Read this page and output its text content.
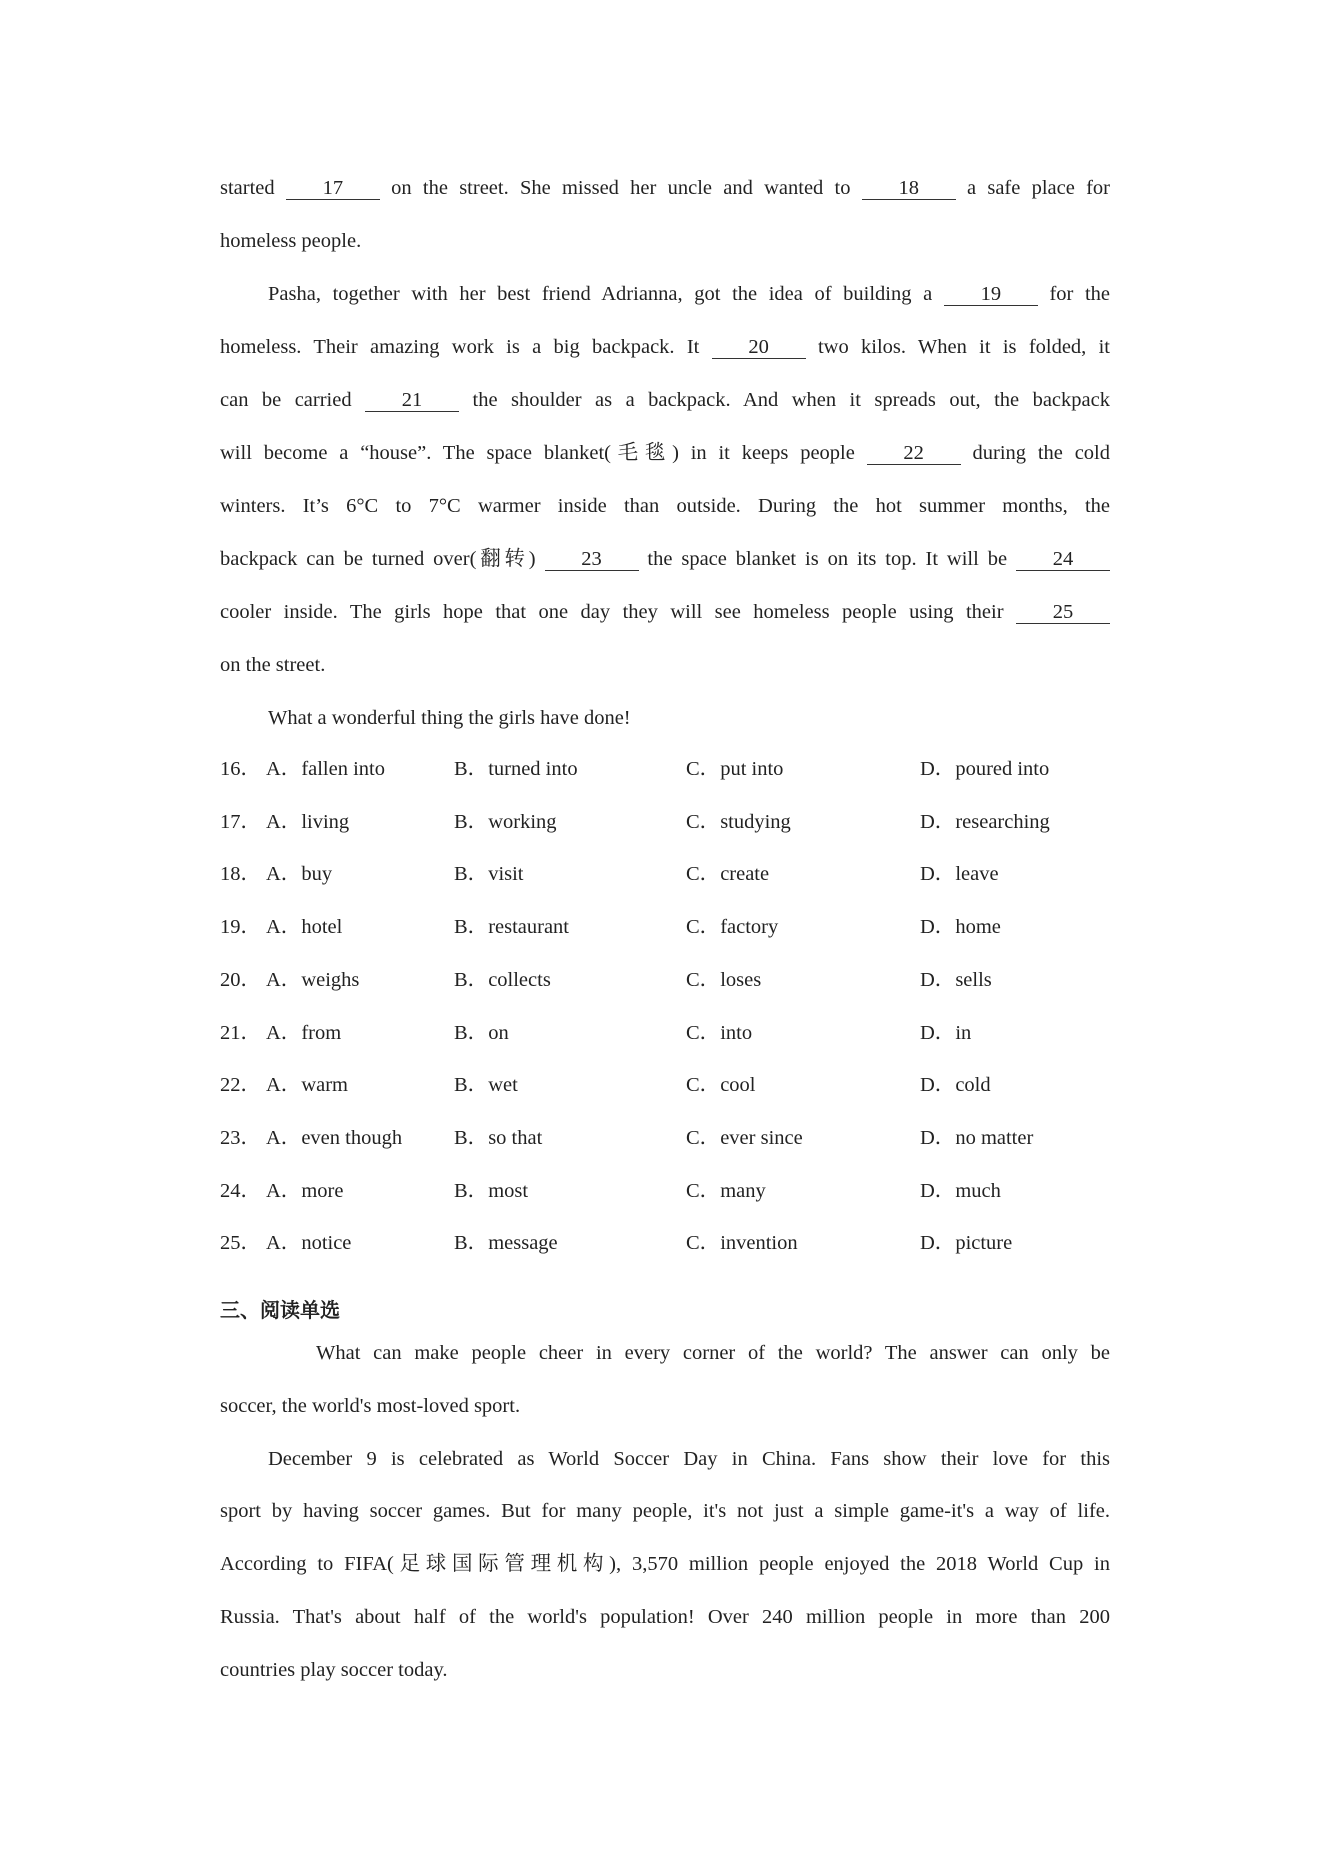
started 17 on the street. She missed her uncle and wanted to 18 a safe place for
homeless people.
Pasha, together with her best friend Adrianna, got the idea of building a 19 for the
homeless. Their amazing work is a big backpack. It 20 two kilos. When it is folded, it
can be carried 21 the shoulder as a backpack. And when it spreads out, the backpack
will become a “house”. The space blanket(毛毯) in it keeps people 22 during the cold
winters. It’s 6°C to 7°C warmer inside than outside. During the hot summer months, the
backpack can be turned over(翻转) 23 the space blanket is on its top. It will be 24
cooler inside. The girls hope that one day they will see homeless people using their 25
on the street.
What a wonderful thing the girls have done!
16． A．fallen into	B．turned into	C．put into	D．poured into
17． A．living	B．working	C．studying	D．researching
18． A．buy	B．visit	C．create	D．leave
19． A．hotel	B．restaurant	C．factory	D．home
20． A．weighs	B．collects	C．loses	D．sells
21． A．from	B．on	C．into	D．in
22． A．warm	B．wet	C．cool	D．cold
23． A．even though	B．so that	C．ever since	D．no matter
24． A．more	B．most	C．many	D．much
25． A．notice	B．message	C．invention	D．picture
三、阅读单选
What can make people cheer in every corner of the world? The answer can only be
soccer, the world's most-loved sport.
December 9 is celebrated as World Soccer Day in China. Fans show their love for this
sport by having soccer games. But for many people, it's not just a simple game-it's a way of life.
According to FIFA(足球国际管理机构), 3,570 million people enjoyed the 2018 World Cup in
Russia. That's about half of the world's population! Over 240 million people in more than 200
countries play soccer today.
